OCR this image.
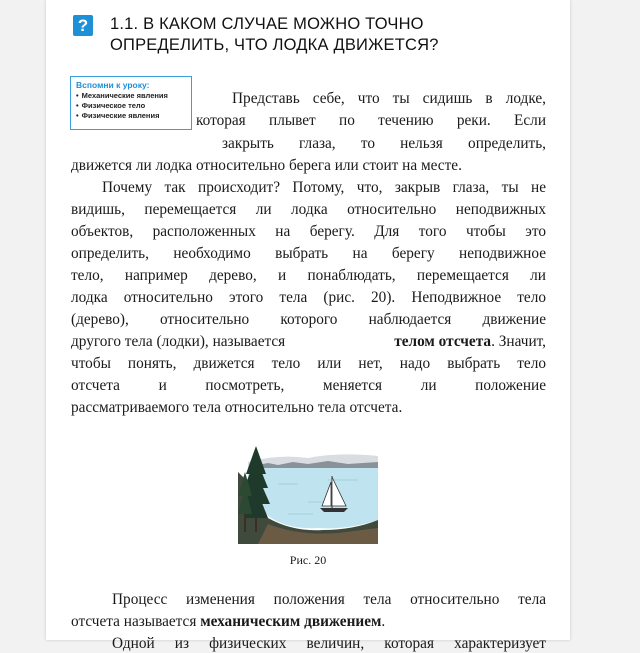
? 1.1. В КАКОМ СЛУЧАЕ МОЖНО ТОЧНО
ОПРЕДЕЛИТЬ, ЧТО ЛОДКА ДВИЖЕТСЯ?
Вспомни к уроку:
• Механические явления
• Физическое тело
• Физические явления
Представь себе, что ты сидишь в лодке,
которая плывет по течению реки. Если
закрыть глаза, то нельзя определить,
движется ли лодка относительно берега или стоит на месте.
Почему так происходит? Потому, что, закрыв глаза, ты не
видишь, перемещается ли лодка относительно неподвижных
объектов, расположенных на берегу. Для того чтобы это
определить, необходимо выбрать на берегу неподвижное
тело, например дерево, и понаблюдать, перемещается ли
лодка относительно этого тела (рис. 20). Неподвижное тело
(дерево), относительно которого наблюдается движение
другого тела (лодки), называется	телом отсчета. Значит,
чтобы понять, движется тело или нет, надо выбрать тело
отсчета и посмотреть, меняется ли положение
рассматриваемого тела относительно тела отсчета.
Рис. 20
Процесс изменения положения тела относительно тела
отсчета называется механическим движением.
Одной из физических величин, которая характеризует
